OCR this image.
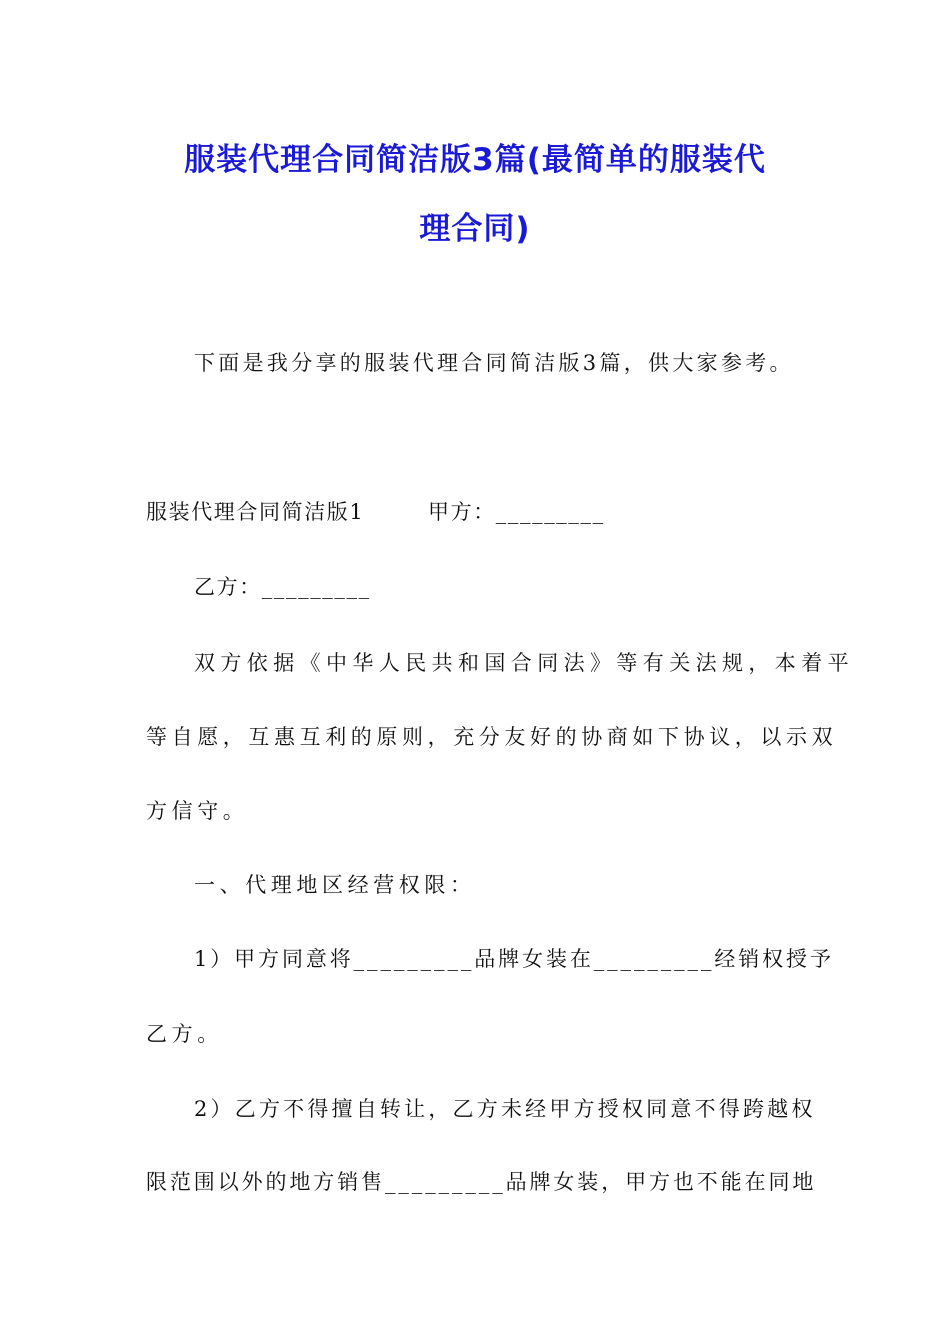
服装代理合同简洁版3篇(最简单的服装代
理合同)
下面是我分享的服装代理合同简洁版3篇，供大家参考。
服装代理合同简洁版1	甲方：_________
乙方：_________
双方依据《中华人民共和国合同法》等有关法规，本着平
等自愿，互惠互利的原则，充分友好的协商如下协议，以示双
方信守。
一、代理地区经营权限：
1）甲方同意将_________品牌女装在_________经销权授予
乙方。
2）乙方不得擅自转让，乙方未经甲方授权同意不得跨越权
限范围以外的地方销售_________品牌女装，甲方也不能在同地
